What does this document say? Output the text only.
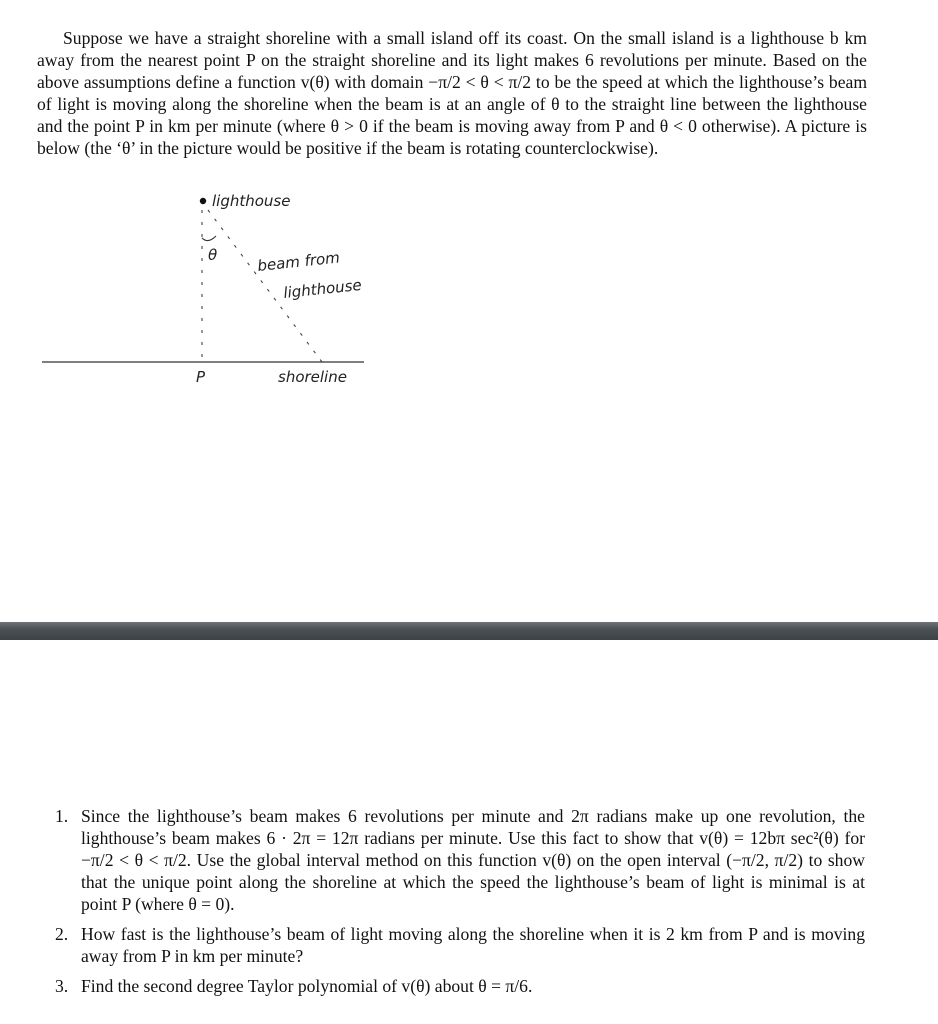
Suppose we have a straight shoreline with a small island off its coast. On the small island is a lighthouse b km away from the nearest point P on the straight shoreline and its light makes 6 revolutions per minute. Based on the above assumptions define a function v(θ) with domain −π/2 < θ < π/2 to be the speed at which the lighthouse’s beam of light is moving along the shoreline when the beam is at an angle of θ to the straight line between the lighthouse and the point P in km per minute (where θ > 0 if the beam is moving away from P and θ < 0 otherwise). A picture is below (the ‘θ’ in the picture would be positive if the beam is rotating counterclockwise).
lighthouse
θ	beam from
lighthouse
P	shoreline
1. Since the lighthouse’s beam makes 6 revolutions per minute and 2π radians make up one revolution, the lighthouse’s beam makes 6 · 2π = 12π radians per minute. Use this fact to show that v(θ) = 12bπ sec²(θ) for −π/2 < θ < π/2. Use the global interval method on this function v(θ) on the open interval (−π/2, π/2) to show that the unique point along the shoreline at which the speed the lighthouse’s beam of light is minimal is at point P (where θ = 0).
2. How fast is the lighthouse’s beam of light moving along the shoreline when it is 2 km from P and is moving away from P in km per minute?
3. Find the second degree Taylor polynomial of v(θ) about θ = π/6.
